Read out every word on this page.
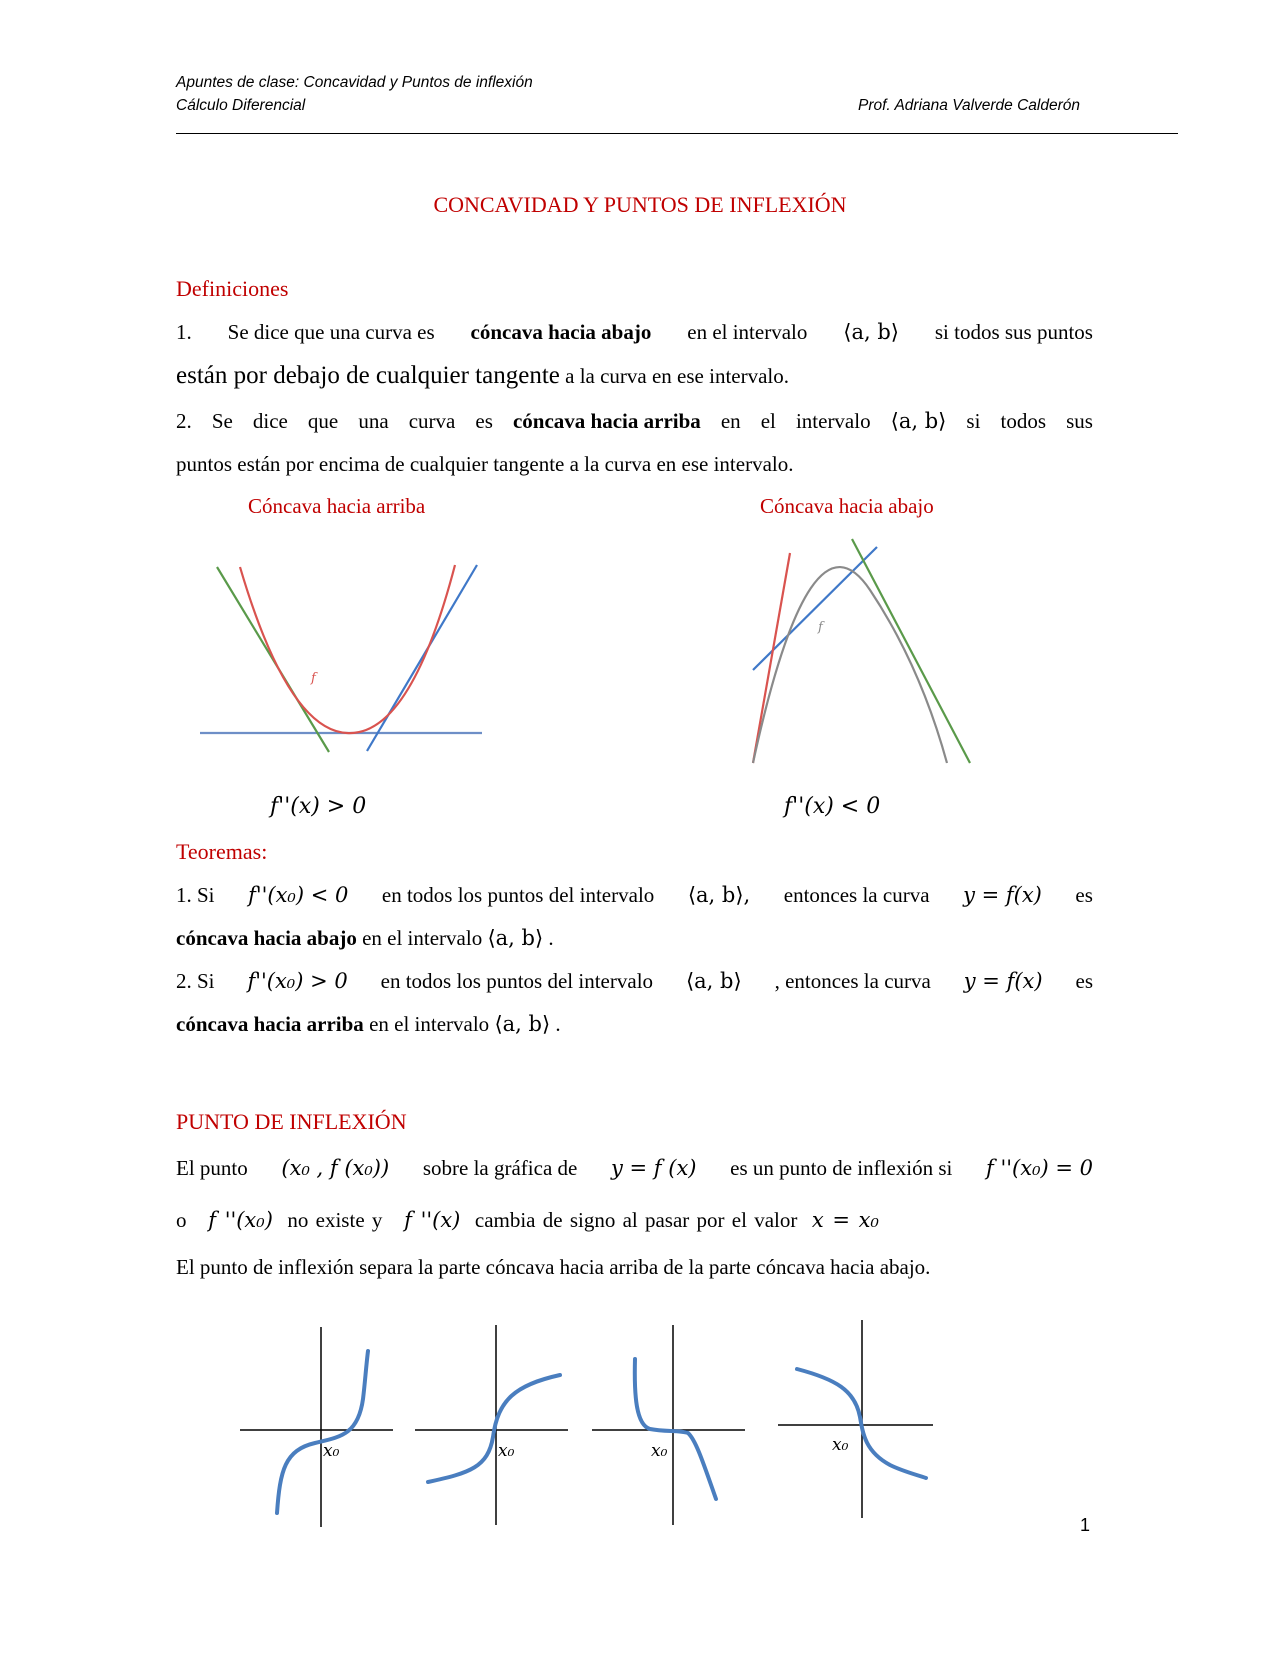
Apuntes de clase: Concavidad y Puntos de inflexión
Cálculo Diferencial	Prof. Adriana Valverde Calderón
CONCAVIDAD Y PUNTOS DE INFLEXIÓN
Definiciones
1. Se dice que una curva es cóncava hacia abajo en el intervalo ⟨a, b⟩ si todos sus puntos
están por debajo de cualquier tangente a la curva en ese intervalo.
2. Se dice que una curva es cóncava hacia arriba en el intervalo ⟨a, b⟩ si todos sus
puntos están por encima de cualquier tangente a la curva en ese intervalo.
Cóncava hacia arriba	Cóncava hacia abajo
f
f
f''(x) > 0	f''(x) < 0
Teoremas:
1. Si f''(x₀) < 0 en todos los puntos del intervalo ⟨a, b⟩, entonces la curva y = f(x) es
cóncava hacia abajo en el intervalo ⟨a, b⟩ .
2. Si f''(x₀) > 0 en todos los puntos del intervalo ⟨a, b⟩ , entonces la curva y = f(x) es
cóncava hacia arriba en el intervalo ⟨a, b⟩ .
PUNTO DE INFLEXIÓN
El punto (x₀ , f (x₀)) sobre la gráfica de y = f (x) es un punto de inflexión si f ''(x₀) = 0
o f ''(x₀) no existe y f ''(x) cambia de signo al pasar por el valor x = x₀
El punto de inflexión separa la parte cóncava hacia arriba de la parte cóncava hacia abajo.
x₀	x₀	x₀	x₀
1
